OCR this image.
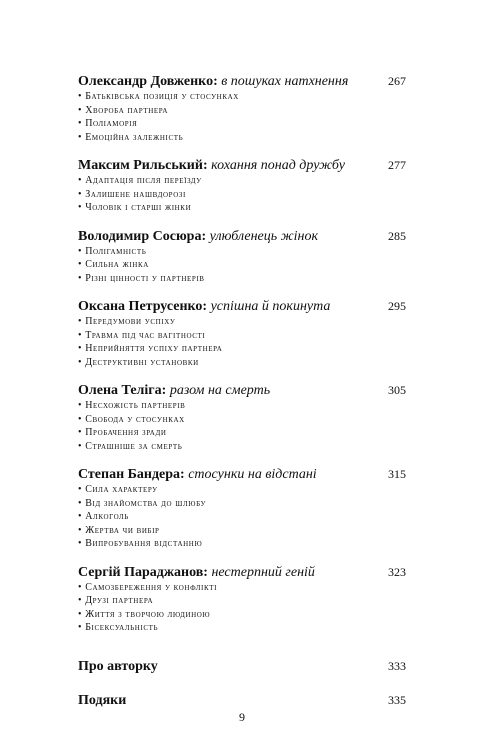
Олександр Довженко: в пошуках натхнення	267
• Батьківська позиція у стосунках
• Хвороба партнера
• Поліаморія
• Емоційна залежність
Максим Рильський: кохання понад дружбу	277
• Адаптація після переїзду
• Залишене нашвдорозі
• Чоловік і старші жінки
Володимир Сосюра: улюбленець жінок	285
• Полігамність
• Сильна жінка
• Різні цінності у партнерів
Оксана Петрусенко: успішна й покинута	295
• Передумови успіху
• Травма під час вагітності
• Неприйняття успіху партнера
• Деструктивні установки
Олена Теліга: разом на смерть	305
• Несхожість партнерів
• Свобода у стосунках
• Пробачення зради
• Страшніше за смерть
Степан Бандера: стосунки на відстані	315
• Сила характеру
• Від знайомства до шлюбу
• Алкоголь
• Жертва чи вибір
• Випробування відстанню
Сергій Параджанов: нестерпний геній	323
• Самозбереження у конфлікті
• Друзі партнера
• Життя з творчою людиною
• Бісексуальність
Про авторку	333
Подяки	335
9
